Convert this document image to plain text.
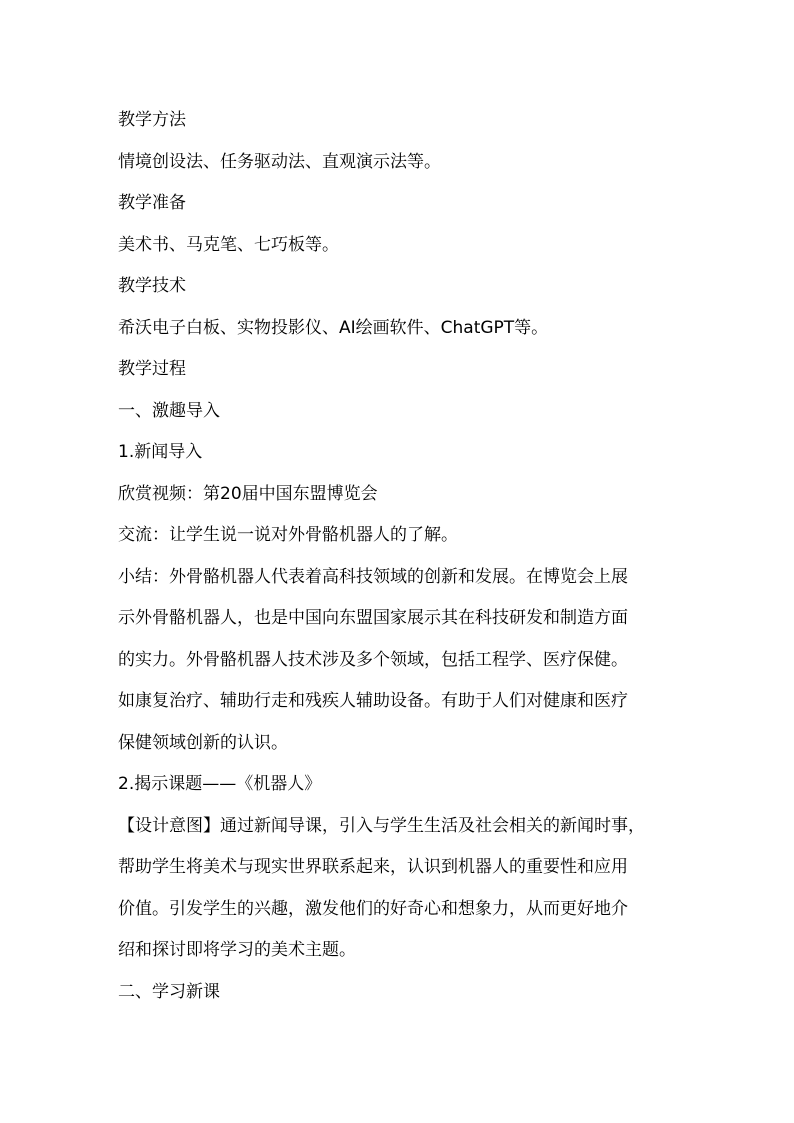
教学方法

情境创设法、任务驱动法、直观演示法等。

教学准备

美术书、马克笔、七巧板等。

教学技术

希沃电子白板、实物投影仪、AI绘画软件、ChatGPT等。

教学过程

一、激趣导入

1.新闻导入

欣赏视频：第20届中国东盟博览会

交流：让学生说一说对外骨骼机器人的了解。

小结：外骨骼机器人代表着高科技领域的创新和发展。在博览会上展

示外骨骼机器人，也是中国向东盟国家展示其在科技研发和制造方面

的实力。外骨骼机器人技术涉及多个领域，包括工程学、医疗保健。

如康复治疗、辅助行走和残疾人辅助设备。有助于人们对健康和医疗

保健领域创新的认识。

2.揭示课题——《机器人》

【设计意图】通过新闻导课，引入与学生生活及社会相关的新闻时事，

帮助学生将美术与现实世界联系起来，认识到机器人的重要性和应用

价值。引发学生的兴趣，激发他们的好奇心和想象力，从而更好地介

绍和探讨即将学习的美术主题。

二、学习新课
